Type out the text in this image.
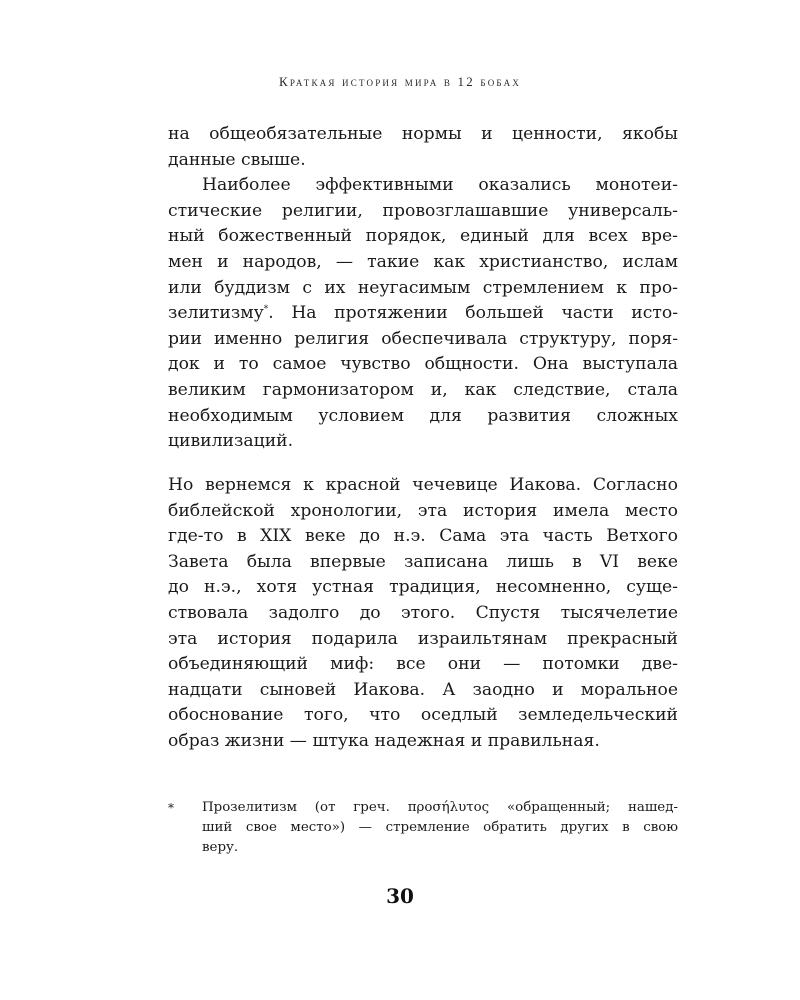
Краткая история мира в 12 бобах
на общеобязательные нормы и ценности, якобы
данные свыше.
Наиболее эффективными оказались монотеи-
стические религии, провозглашавшие универсаль-
ный божественный порядок, единый для всех вре-
мен и народов, — такие как христианство, ислам
или буддизм с их неугасимым стремлением к про-
зелитизму*. На протяжении большей части исто-
рии именно религия обеспечивала структуру, поря-
док и то самое чувство общности. Она выступала
великим гармонизатором и, как следствие, стала
необходимым условием для развития сложных
цивилизаций.
Но вернемся к красной чечевице Иакова. Согласно
библейской хронологии, эта история имела место
где-то в XIX веке до н.э. Сама эта часть Ветхого
Завета была впервые записана лишь в VI веке
до н.э., хотя устная традиция, несомненно, суще-
ствовала задолго до этого. Спустя тысячелетие
эта история подарила израильтянам прекрасный
объединяющий миф: все они — потомки две-
надцати сыновей Иакова. А заодно и моральное
обоснование того, что оседлый земледельческий
образ жизни — штука надежная и правильная.
* Прозелитизм (от греч. προσήλυτος «обращенный; нашед-
ший свое место») — стремление обратить других в свою
веру.
30
